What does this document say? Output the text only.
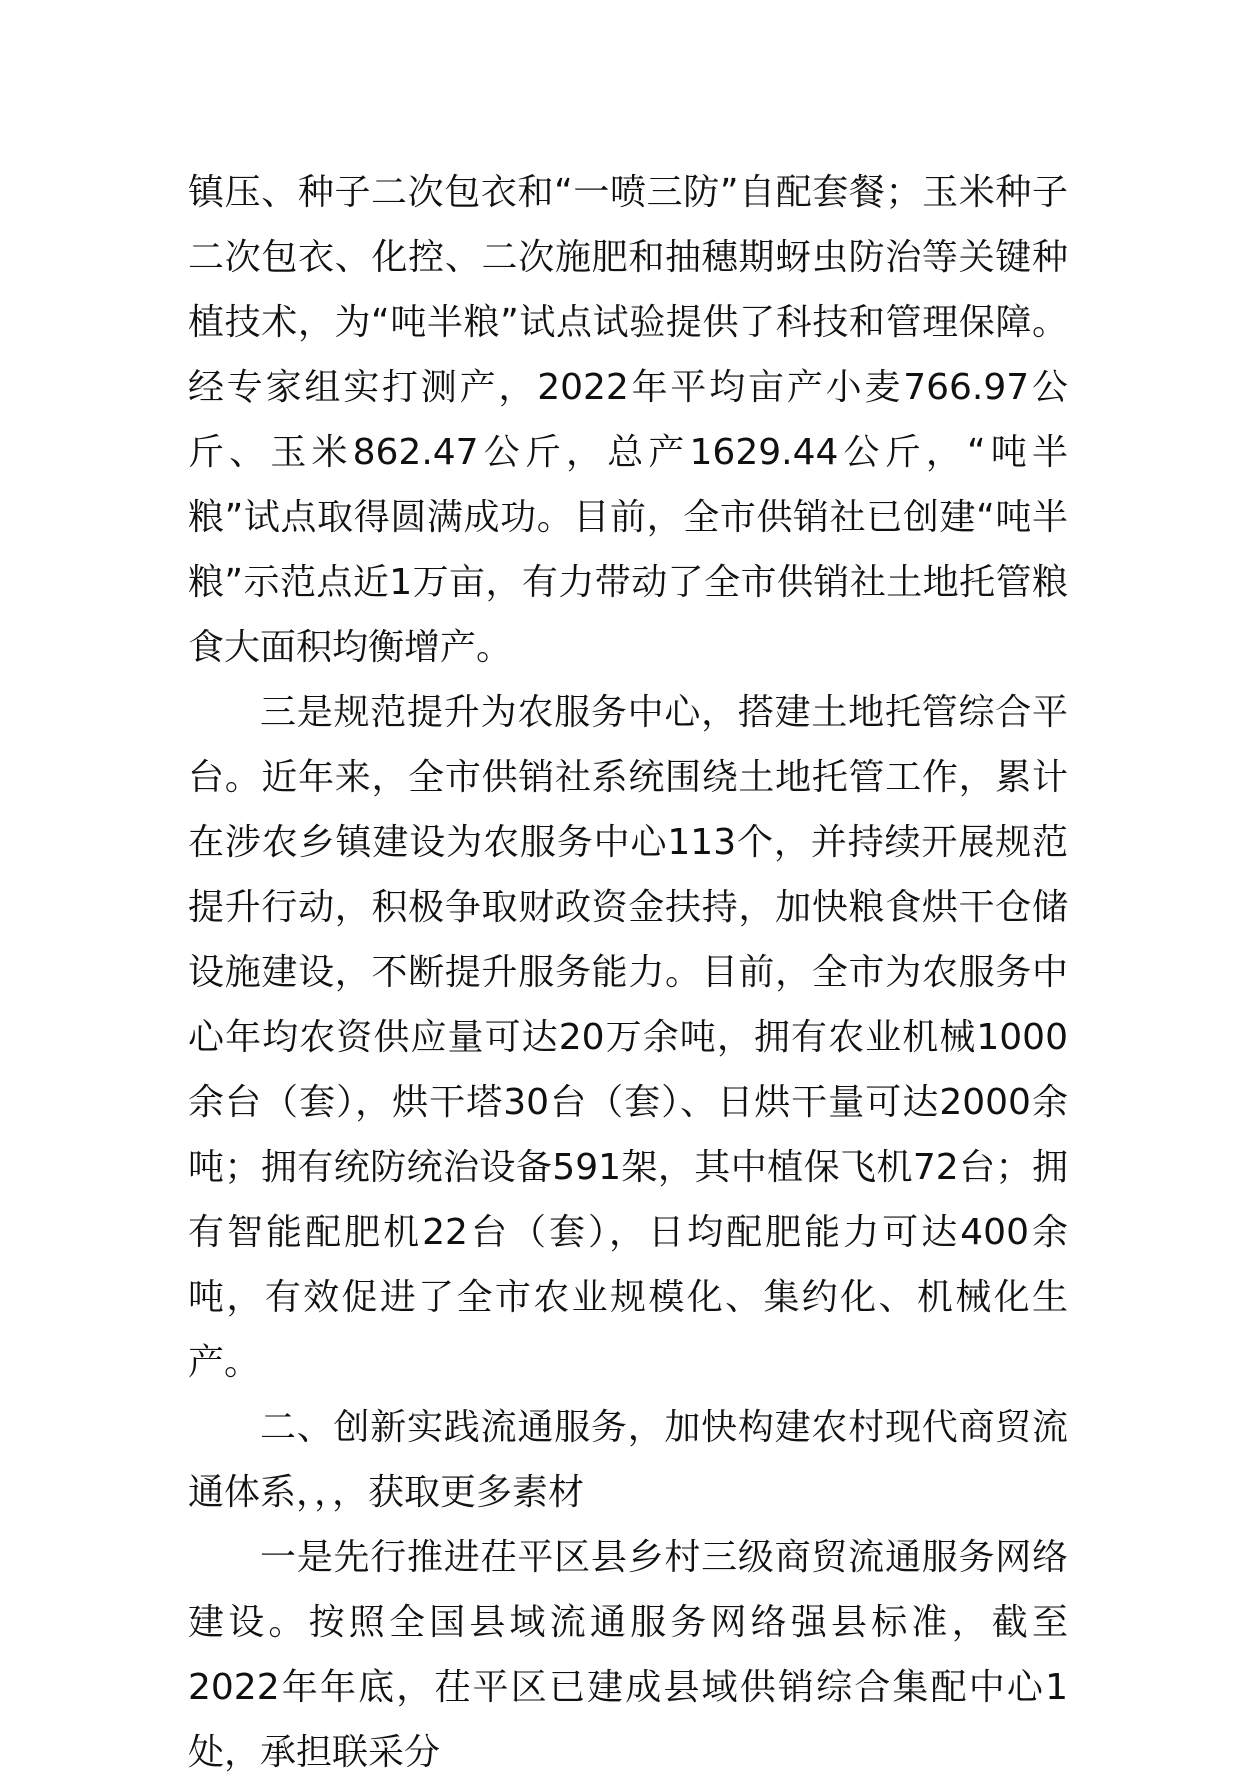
镇压、种子二次包衣和“一喷三防”自配套餐；玉米种子二次包衣、化控、二次施肥和抽穗期蚜虫防治等关键种植技术，为“吨半粮”试点试验提供了科技和管理保障。经专家组实打测产，2022年平均亩产小麦766.97公斤、玉米862.47公斤，总产1629.44公斤，“吨半粮”试点取得圆满成功。目前，全市供销社已创建“吨半粮”示范点近1万亩，有力带动了全市供销社土地托管粮食大面积均衡增产。

三是规范提升为农服务中心，搭建土地托管综合平台。近年来，全市供销社系统围绕土地托管工作，累计在涉农乡镇建设为农服务中心113个，并持续开展规范提升行动，积极争取财政资金扶持，加快粮食烘干仓储设施建设，不断提升服务能力。目前，全市为农服务中心年均农资供应量可达20万余吨，拥有农业机械1000余台（套），烘干塔30台（套）、日烘干量可达2000余吨；拥有统防统治设备591架，其中植保飞机72台；拥有智能配肥机22台（套），日均配肥能力可达400余吨，有效促进了全市农业规模化、集约化、机械化生产。

二、创新实践流通服务，加快构建农村现代商贸流通体系，，，获取更多素材

一是先行推进茌平区县乡村三级商贸流通服务网络建设。按照全国县域流通服务网络强县标准，截至2022年年底，茌平区已建成县域供销综合集配中心1处，承担联采分
